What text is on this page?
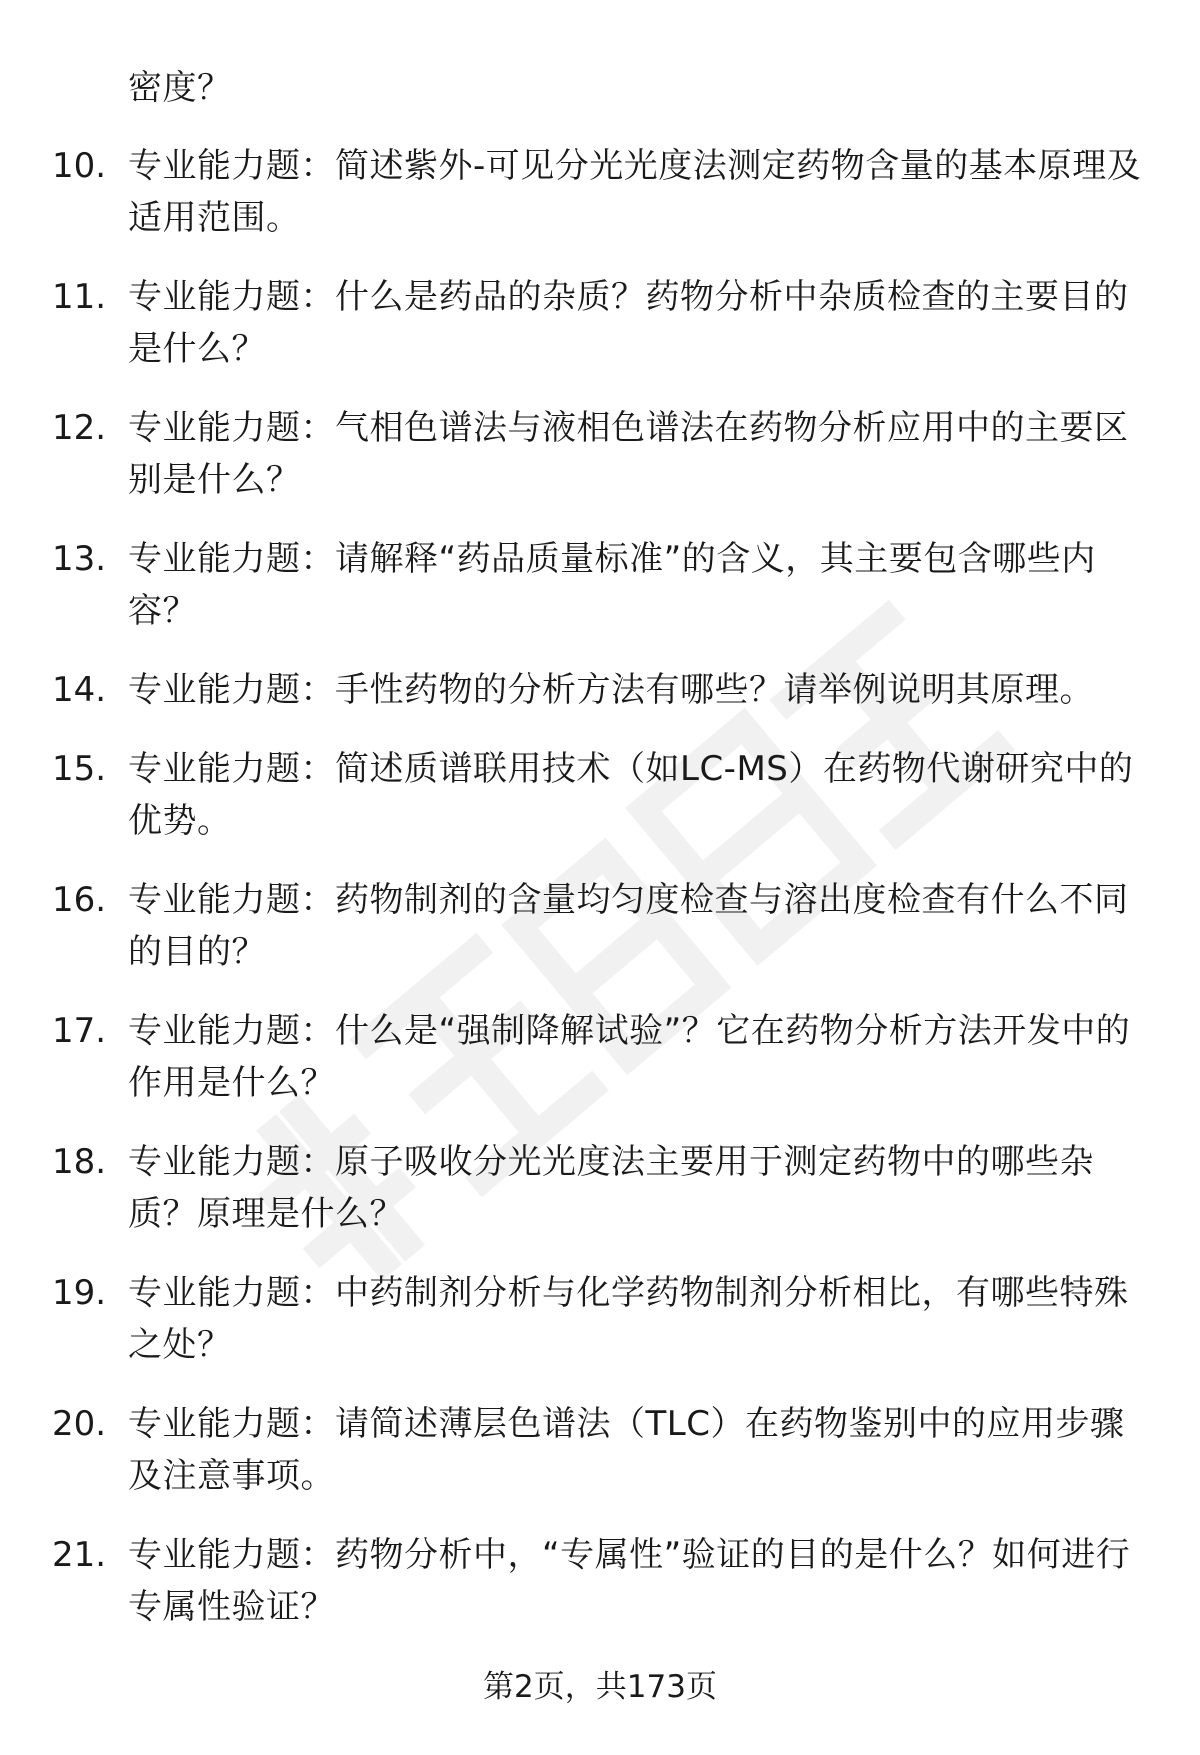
密度？
10. 专业能力题：简述紫外-可见分光光度法测定药物含量的基本原理及适用范围。
11. 专业能力题：什么是药品的杂质？药物分析中杂质检查的主要目的是什么？
12. 专业能力题：气相色谱法与液相色谱法在药物分析应用中的主要区别是什么？
13. 专业能力题：请解释“药品质量标准”的含义，其主要包含哪些内容？
14. 专业能力题：手性药物的分析方法有哪些？请举例说明其原理。
15. 专业能力题：简述质谱联用技术（如LC-MS）在药物代谢研究中的优势。
16. 专业能力题：药物制剂的含量均匀度检查与溶出度检查有什么不同的目的？
17. 专业能力题：什么是“强制降解试验”？它在药物分析方法开发中的作用是什么？
18. 专业能力题：原子吸收分光光度法主要用于测定药物中的哪些杂质？原理是什么？
19. 专业能力题：中药制剂分析与化学药物制剂分析相比，有哪些特殊之处？
20. 专业能力题：请简述薄层色谱法（TLC）在药物鉴别中的应用步骤及注意事项。
21. 专业能力题：药物分析中，“专属性”验证的目的是什么？如何进行专属性验证？
第2页，共173页
